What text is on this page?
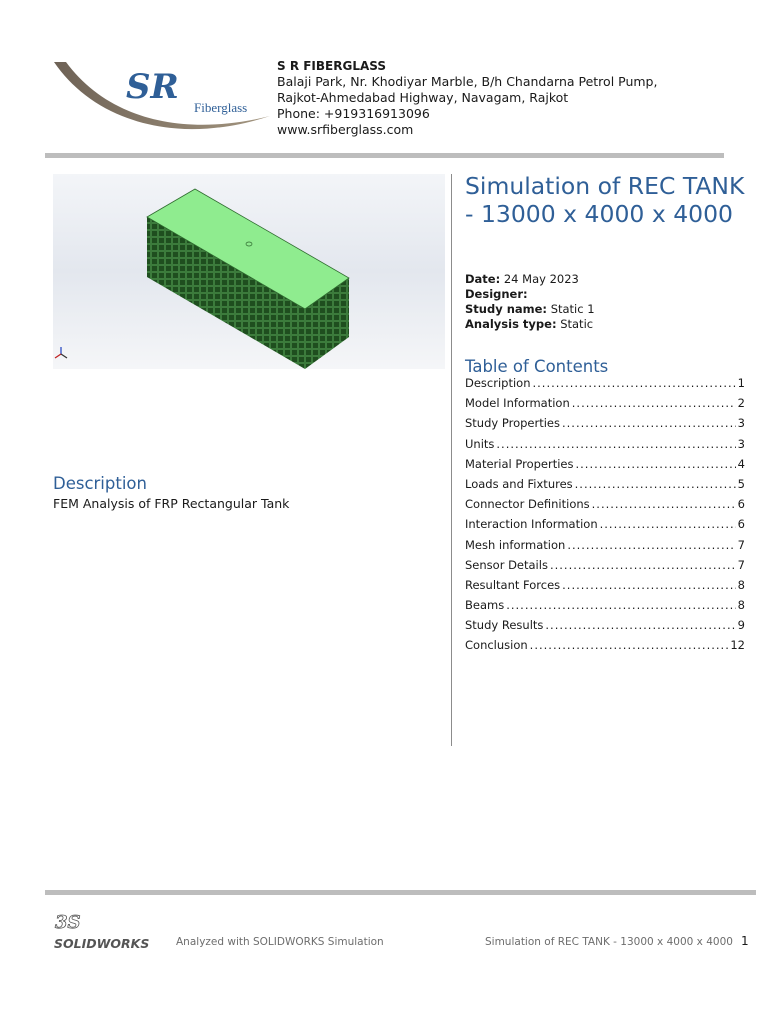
SR
Fiberglass
S R FIBERGLASS
Balaji Park, Nr. Khodiyar Marble, B/h Chandarna Petrol Pump,
Rajkot-Ahmedabad Highway, Navagam, Rajkot
Phone: +919316913096
www.srfiberglass.com
Simulation of REC TANK - 13000 x 4000 x 4000
Date: 24 May 2023
Designer:
Study name: Static 1
Analysis type: Static
Table of Contents
Description .....	1
Model Information .....	2
Study Properties .....	3
Units .....	3
Material Properties .....	4
Loads and Fixtures .....	5
Connector Definitions .....	6
Interaction Information .....	6
Mesh information .....	7
Sensor Details .....	7
Resultant Forces .....	8
Beams .....	8
Study Results .....	9
Conclusion .....	12
Description
FEM Analysis of FRP Rectangular Tank
3S
SOLIDWORKS	Analyzed with SOLIDWORKS Simulation	Simulation of REC TANK - 13000 x 4000 x 4000 1
